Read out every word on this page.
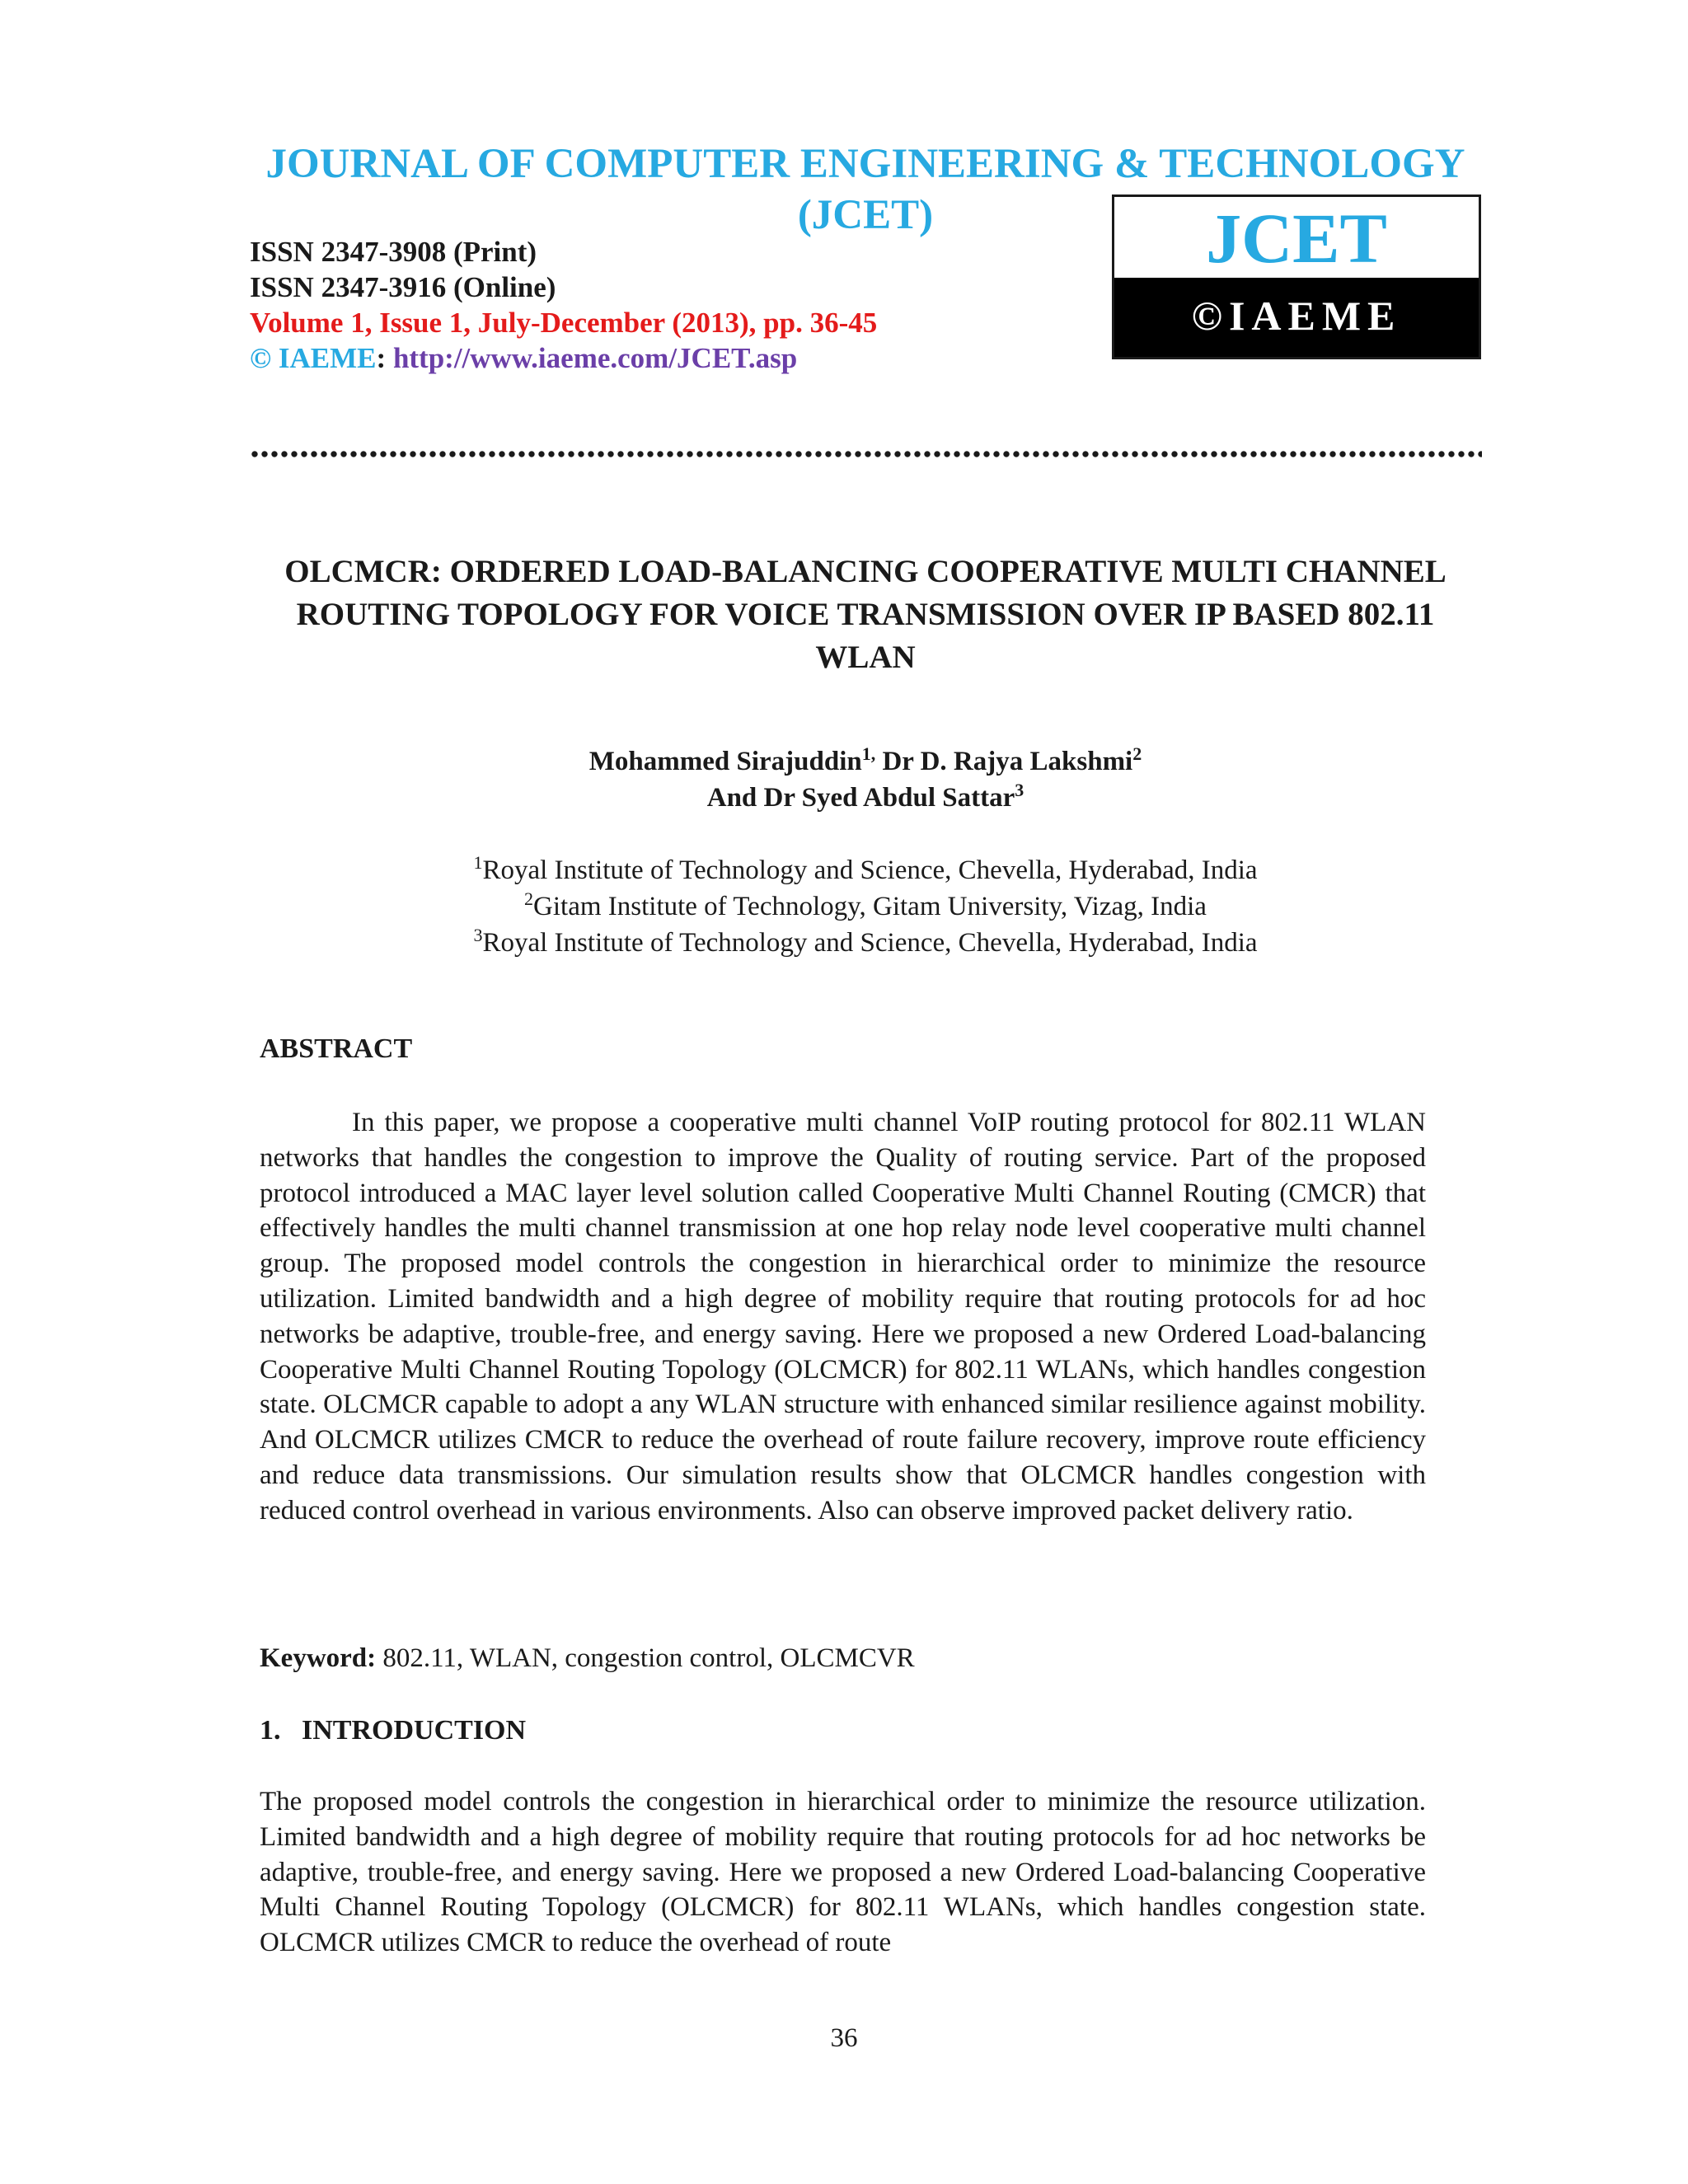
JOURNAL OF COMPUTER ENGINEERING & TECHNOLOGY (JCET)
ISSN 2347-3908 (Print)
ISSN 2347-3916 (Online)
Volume 1, Issue 1, July-December (2013), pp. 36-45
© IAEME: http://www.iaeme.com/JCET.asp
JCET
©IAEME
OLCMCR: ORDERED LOAD-BALANCING COOPERATIVE MULTI CHANNEL ROUTING TOPOLOGY FOR VOICE TRANSMISSION OVER IP BASED 802.11 WLAN
Mohammed Sirajuddin$^{1,}$ Dr D. Rajya Lakshmi$^2$
And Dr Syed Abdul Sattar$^3$
$^1$Royal Institute of Technology and Science, Chevella, Hyderabad, India
$^2$Gitam Institute of Technology, Gitam University, Vizag, India
$^3$Royal Institute of Technology and Science, Chevella, Hyderabad, India
ABSTRACT

In this paper, we propose a cooperative multi channel VoIP routing protocol for 802.11 WLAN networks that handles the congestion to improve the Quality of routing service. Part of the proposed protocol introduced a MAC layer level solution called Cooperative Multi Channel Routing (CMCR) that effectively handles the multi channel transmission at one hop relay node level cooperative multi channel group. The proposed model controls the congestion in hierarchical order to minimize the resource utilization. Limited bandwidth and a high degree of mobility require that routing protocols for ad hoc networks be adaptive, trouble-free, and energy saving. Here we proposed a new Ordered Load-balancing Cooperative Multi Channel Routing Topology (OLCMCR) for 802.11 WLANs, which handles congestion state. OLCMCR capable to adopt a any WLAN structure with enhanced similar resilience against mobility. And OLCMCR utilizes CMCR to reduce the overhead of route failure recovery, improve route efficiency and reduce data transmissions. Our simulation results show that OLCMCR handles congestion with reduced control overhead in various environments. Also can observe improved packet delivery ratio.

Keyword: 802.11, WLAN, congestion control, OLCMCVR
1.   INTRODUCTION

The proposed model controls the congestion in hierarchical order to minimize the resource utilization. Limited bandwidth and a high degree of mobility require that routing protocols for ad hoc networks be adaptive, trouble-free, and energy saving. Here we proposed a new Ordered Load-balancing Cooperative Multi Channel Routing Topology (OLCMCR) for 802.11 WLANs, which handles congestion state. OLCMCR utilizes CMCR to reduce the overhead of route

36
